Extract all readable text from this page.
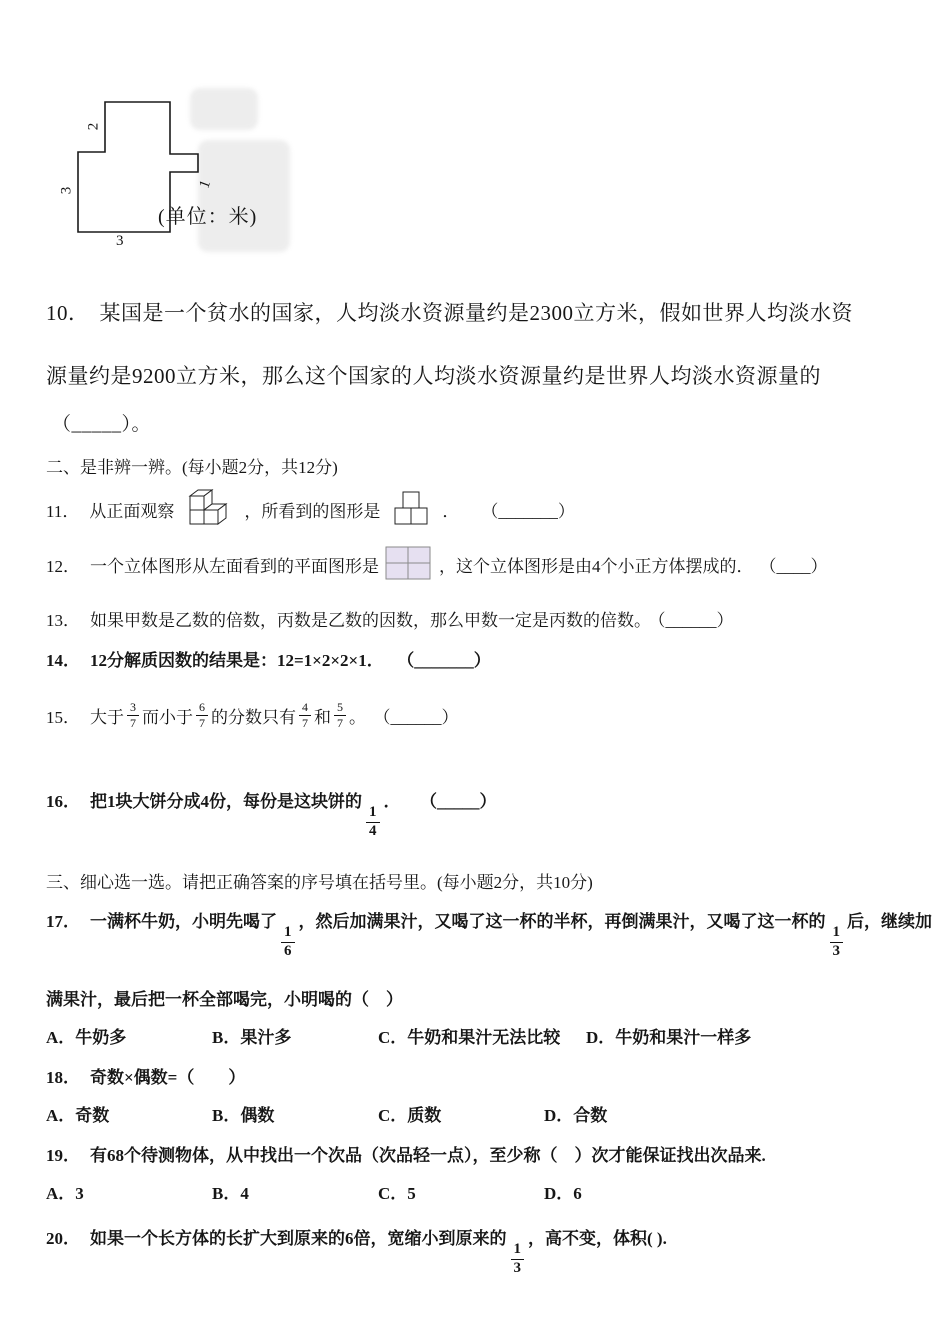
2
3	1
3
(单位：米)

10． 某国是一个贫水的国家，人均淡水资源量约是2300立方米，假如世界人均淡水资

源量约是9200立方米，那么这个国家的人均淡水资源量约是世界人均淡水资源量的

（_____）。

二、是非辨一辨。(每小题2分，共12分)

11． 从正面观察	，所看到的图形是	． （_______）
12． 一个立体图形从左面看到的平面图形是	，这个立体图形是由4个小正方体摆成的． （____）

13． 如果甲数是乙数的倍数，丙数是乙数的因数，那么甲数一定是丙数的倍数。 （______）

14． 12分解质因数的结果是：12=1×2×2×1． （_______）

15． 大于 $\frac{3}{7}$ 而小于 $\frac{6}{7}$ 的分数只有 $\frac{4}{7}$ 和 $\frac{5}{7}$ 。 （______）

16． 把1块大饼分成4份，每份是这块饼的
$\frac{1}{4}$
． （_____）

三、细心选一选。请把正确答案的序号填在括号里。(每小题2分，共10分)

17． 一满杯牛奶，小明先喝了
$\frac{1}{6}$
，然后加满果汁，又喝了这一杯的半杯，再倒满果汁，又喝了这一杯的
$\frac{1}{3}$
后，继续加

满果汁，最后把一杯全部喝完，小明喝的（　）

A．牛奶多	B．果汁多	C．牛奶和果汁无法比较 D．牛奶和果汁一样多

18． 奇数×偶数=（　　）

A．奇数	B．偶数	C．质数	D．合数

19． 有68个待测物体，从中找出一个次品（次品轻一点），至少称（　）次才能保证找出次品来.

A．3	B．4	C．5	D．6

20． 如果一个长方体的长扩大到原来的6倍，宽缩小到原来的
$\frac{1}{3}$
，高不变，体积( ).
